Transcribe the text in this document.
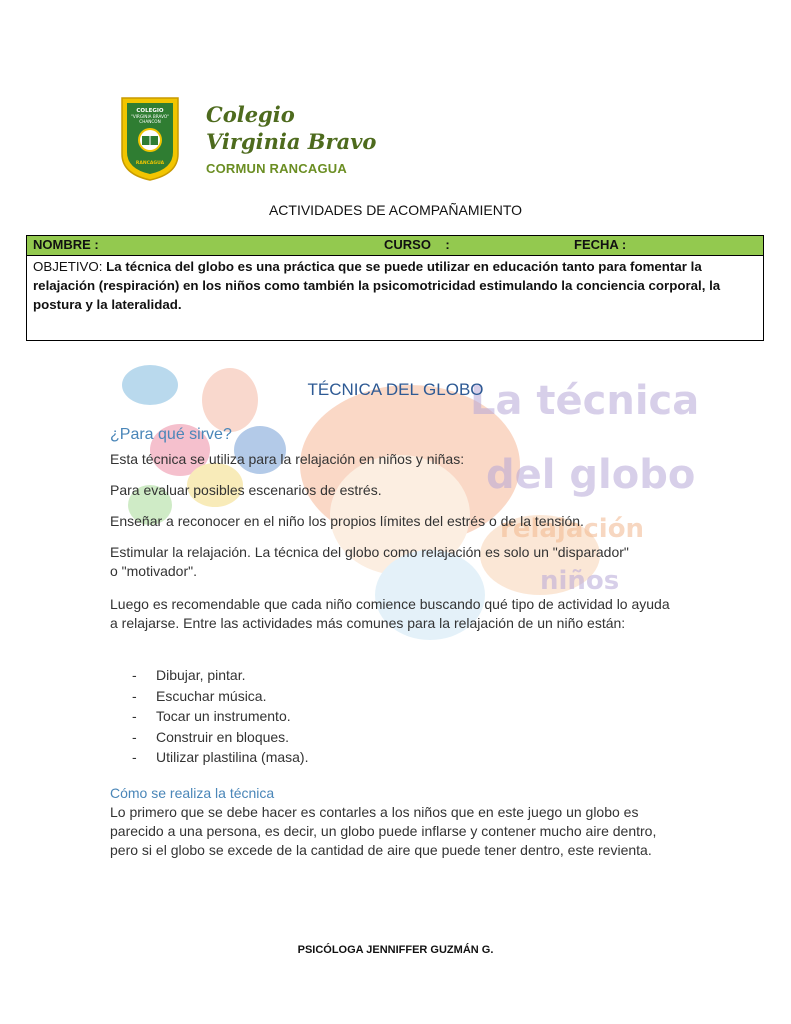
COLEGIO
"VIRGINIA BRAVO"
CHANCON
RANCAGUA
Colegio
Virginia Bravo
CORMUN RANCAGUA
ACTIVIDADES DE ACOMPAÑAMIENTO
NOMBRE :	CURSO    :	FECHA :
OBJETIVO: La técnica del globo es una práctica que se puede utilizar en educación tanto para fomentar la relajación (respiración) en los niños como también la psicomotricidad estimulando la conciencia corporal, la postura y la lateralidad.
La técnica
del globo
relajación
niños
TÉCNICA DEL GLOBO
¿Para qué sirve?
Esta técnica se utiliza para la relajación en niños y niñas:
Para evaluar posibles escenarios de estrés.
Enseñar a reconocer en el niño los propios límites del estrés o de la tensión.
Estimular la relajación. La técnica del globo como relajación es solo un "disparador" o "motivador".
Luego es recomendable que cada niño comience buscando qué tipo de actividad lo ayuda a relajarse. Entre las actividades más comunes para la relajación de un niño están:
- Dibujar, pintar.
- Escuchar música.
- Tocar un instrumento.
- Construir en bloques.
- Utilizar plastilina (masa).
Cómo se realiza la técnica
Lo primero que se debe hacer es contarles a los niños que en este juego un globo es parecido a una persona, es decir, un globo puede inflarse y contener mucho aire dentro, pero si el globo se excede de la cantidad de aire que puede tener dentro, este revienta.
PSICÓLOGA JENNIFFER GUZMÁN G.
